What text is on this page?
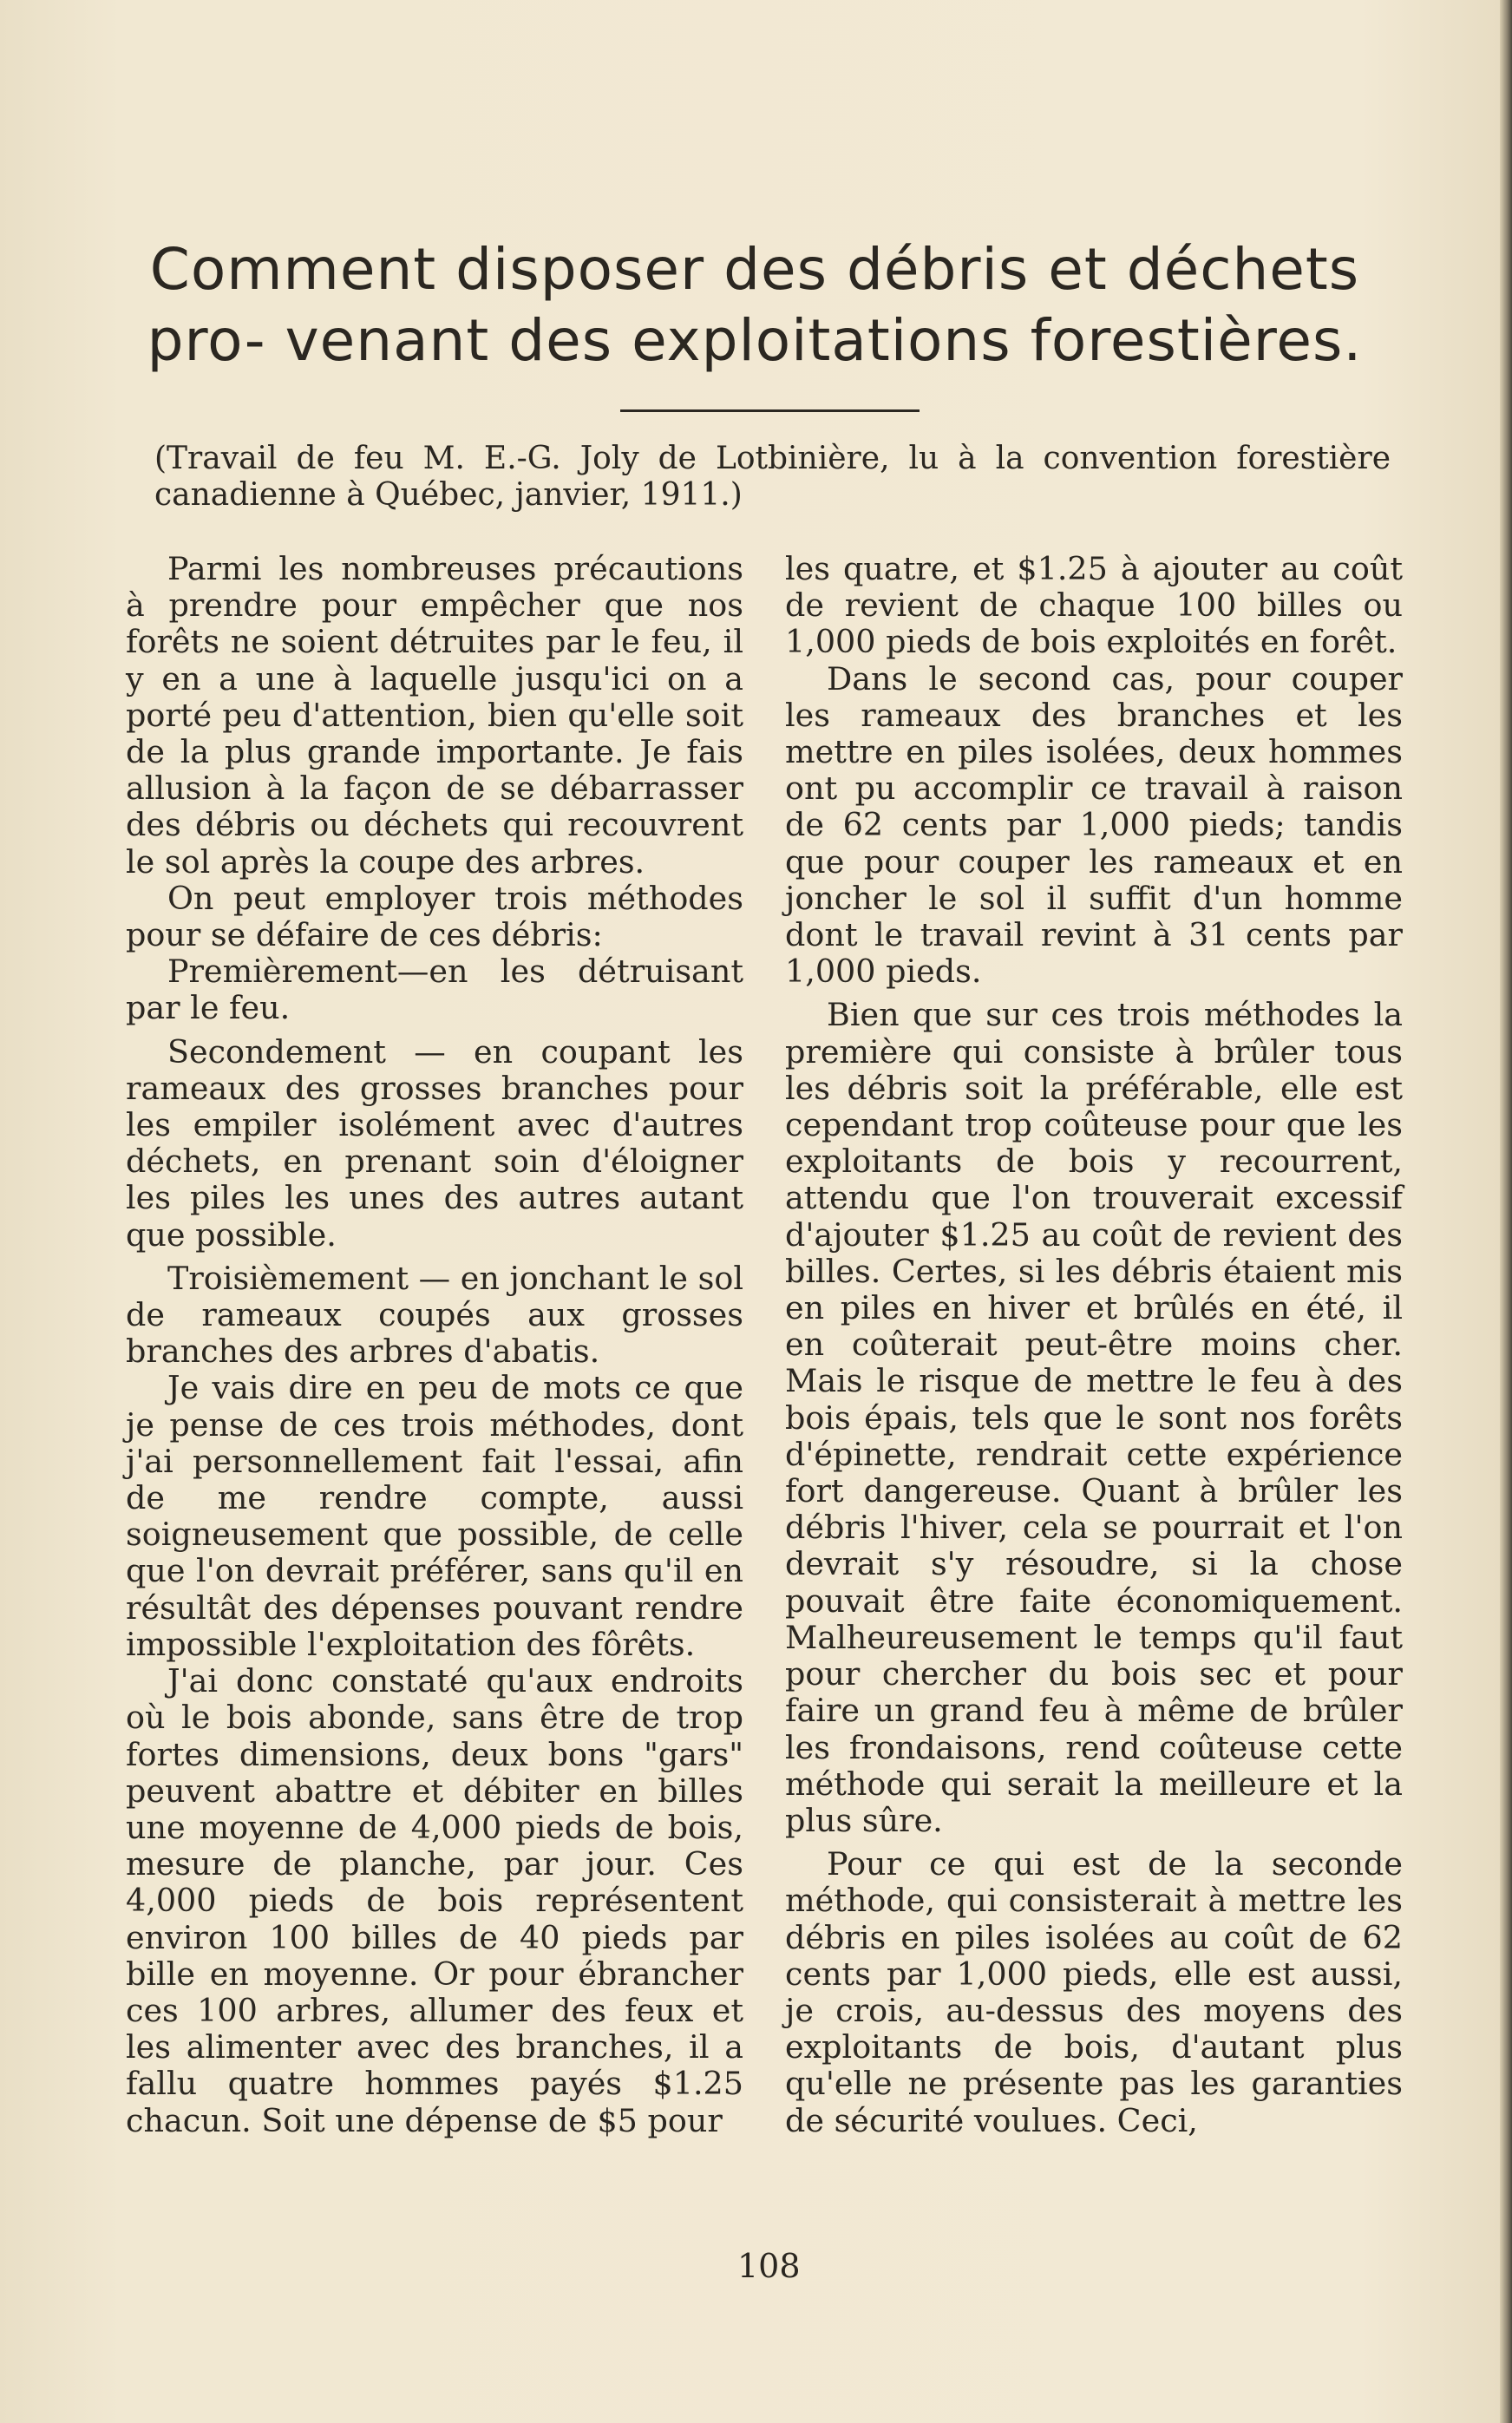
Comment disposer des débris et déchets pro- venant des exploitations forestières.
(Travail de feu M. E.-G. Joly de Lotbinière, lu à la convention forestière canadienne à Québec, janvier, 1911.)

Parmi les nombreuses précautions à prendre pour empêcher que nos forêts ne soient détruites par le feu, il y en a une à laquelle jusqu'ici on a porté peu d'attention, bien qu'elle soit de la plus grande importante. Je fais allusion à la façon de se débarrasser des débris ou déchets qui recouvrent le sol après la coupe des arbres.

On peut employer trois méthodes pour se défaire de ces débris:

Premièrement—en les détruisant par le feu.

Secondement — en coupant les rameaux des grosses branches pour les empiler isolément avec d'autres déchets, en prenant soin d'éloigner les piles les unes des autres autant que possible.

Troisièmement — en jonchant le sol de rameaux coupés aux grosses branches des arbres d'abatis.

Je vais dire en peu de mots ce que je pense de ces trois méthodes, dont j'ai personnellement fait l'essai, afin de me rendre compte, aussi soigneusement que possible, de celle que l'on devrait préférer, sans qu'il en résultât des dépenses pouvant rendre impossible l'exploitation des fôrêts.

J'ai donc constaté qu'aux endroits où le bois abonde, sans être de trop fortes dimensions, deux bons "gars" peuvent abattre et débiter en billes une moyenne de 4,000 pieds de bois, mesure de planche, par jour. Ces 4,000 pieds de bois représentent environ 100 billes de 40 pieds par bille en moyenne. Or pour ébrancher ces 100 arbres, allumer des feux et les alimenter avec des branches, il a fallu quatre hommes payés $1.25 chacun. Soit une dépense de $5 pour

les quatre, et $1.25 à ajouter au coût de revient de chaque 100 billes ou 1,000 pieds de bois exploités en forêt.

Dans le second cas, pour couper les rameaux des branches et les mettre en piles isolées, deux hommes ont pu accomplir ce travail à raison de 62 cents par 1,000 pieds; tandis que pour couper les rameaux et en joncher le sol il suffit d'un homme dont le travail revint à 31 cents par 1,000 pieds.

Bien que sur ces trois méthodes la première qui consiste à brûler tous les débris soit la préférable, elle est cependant trop coûteuse pour que les exploitants de bois y recourrent, attendu que l'on trouverait excessif d'ajouter $1.25 au coût de revient des billes. Certes, si les débris étaient mis en piles en hiver et brûlés en été, il en coûterait peut-être moins cher. Mais le risque de mettre le feu à des bois épais, tels que le sont nos forêts d'épinette, rendrait cette expérience fort dangereuse. Quant à brûler les débris l'hiver, cela se pourrait et l'on devrait s'y résoudre, si la chose pouvait être faite économiquement. Malheureusement le temps qu'il faut pour chercher du bois sec et pour faire un grand feu à même de brûler les frondaisons, rend coûteuse cette méthode qui serait la meilleure et la plus sûre.

Pour ce qui est de la seconde méthode, qui consisterait à mettre les débris en piles isolées au coût de 62 cents par 1,000 pieds, elle est aussi, je crois, au-dessus des moyens des exploitants de bois, d'autant plus qu'elle ne présente pas les garanties de sécurité voulues. Ceci,

108
